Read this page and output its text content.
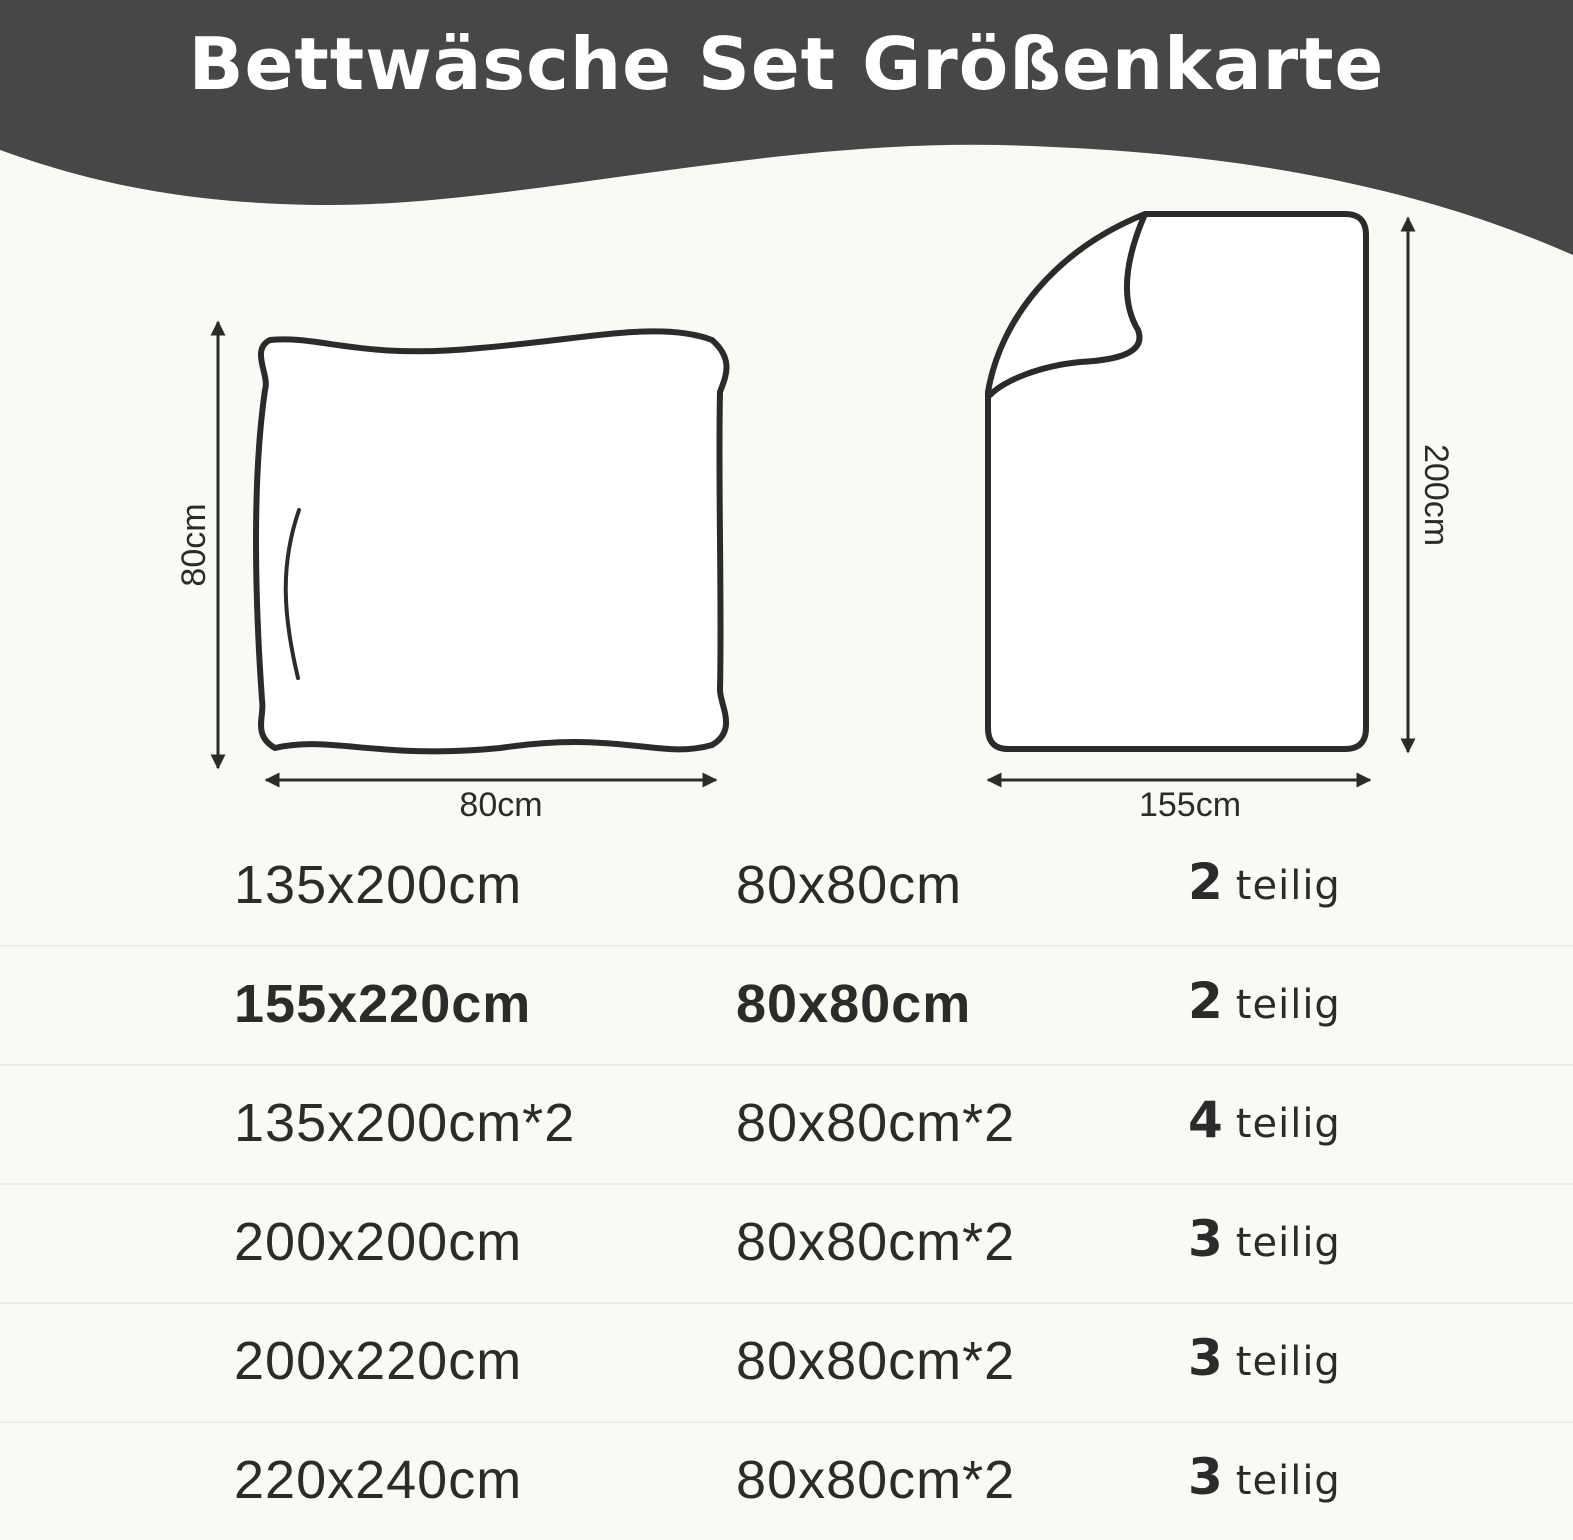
Bettwäsche Set Größenkarte
80cm
80cm
200cm
155cm
135x200cm	80x80cm	2 teilig
155x220cm	80x80cm	2 teilig
135x200cm*2	80x80cm*2	4 teilig
200x200cm	80x80cm*2	3 teilig
200x220cm	80x80cm*2	3 teilig
220x240cm	80x80cm*2	3 teilig
